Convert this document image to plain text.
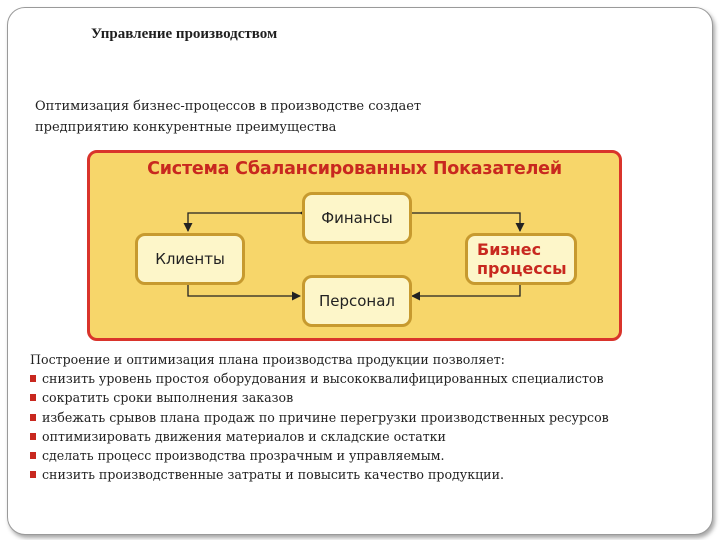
Управление производством
Оптимизация бизнес-процессов в производстве создает
предприятию конкурентные преимущества
Система Сбалансированных Показателей
Финансы
Клиенты	Бизнес
процессы
Персонал
Построение и оптимизация плана производства продукции позволяет:
снизить уровень простоя оборудования и высококвалифицированных специалистов
сократить сроки выполнения заказов
избежать срывов плана продаж по причине перегрузки производственных ресурсов
оптимизировать движения материалов и складские остатки
сделать процесс производства прозрачным и управляемым.
снизить производственные затраты и повысить качество продукции.
